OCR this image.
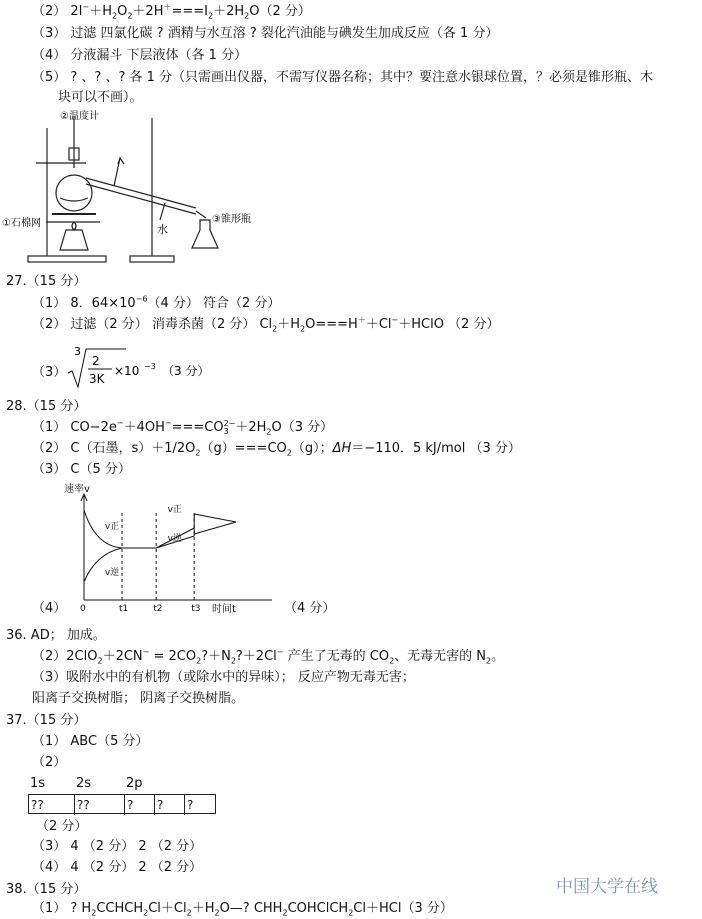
（2） $2I^-+H_2O_2+2H^+===I_2+2H_2O(2$ 分）
（3） 过滤 四氯化碳 ? 酒精与水互溶 ? 裂化汽油能与碘发生加成反应（各 1 分）
（4） 分液漏斗 下层液体（各 1 分）
（5） ? 、? 、? 各 1 分（只需画出仪器，不需写仪器名称；其中？要注意水银球位置，？必须是锥形瓶、木
块可以不画）。
②温度计
①石棉网	水
③锥形瓶
27.（15 分）
（1） 8．$64\times 10^{-6}(4$ 分） 符合（2 分）
（2） 过滤（2 分） 消毒杀菌（2 分） $Cl_2+H_2O===H^++Cl^-+HClO$ （2 分）
（3）
3
2
3K
×10 −3 （3 分）
28.（15 分）
（1） CO−2e−＋4OH−===CO 2−
$3 +2H_2O(3$ 分）
（2） C（石墨，$s)+1/2O_2(g)===CO_2(g)$；ΔH＝−110．5 kJ/mol （3 分）
（3） C（5 分）
（4）	（4 分）
速率v
时间t
0	t1	t2	t3
v正
v逆
v正
v逆
36. AD； 加成。
$(2)2ClO_2+2CN^- = 2CO_2?+N_2?+2Cl^-$ 产生了无毒的 $CO_2$、无毒无害的 $N_2$。
（3）吸附水中的有机物（或除水中的异味）； 反应产物无毒无害；
阳离子交换树脂； 阴离子交换树脂。
37.（15 分）
（1） ABC（5 分）
（2）
1s 2s	2p
??	??	?	?	?
（2 分）
（3） 4 （2 分） 2 （2 分）
（4） 4 （2 分） 2 （2 分）
38.（15 分）
（1） ? $H_2CCHCH_2Cl+Cl_2+H_2O—$? $CHH_2COHClCH_2Cl+HCl(3$ 分）
中国大学在线
